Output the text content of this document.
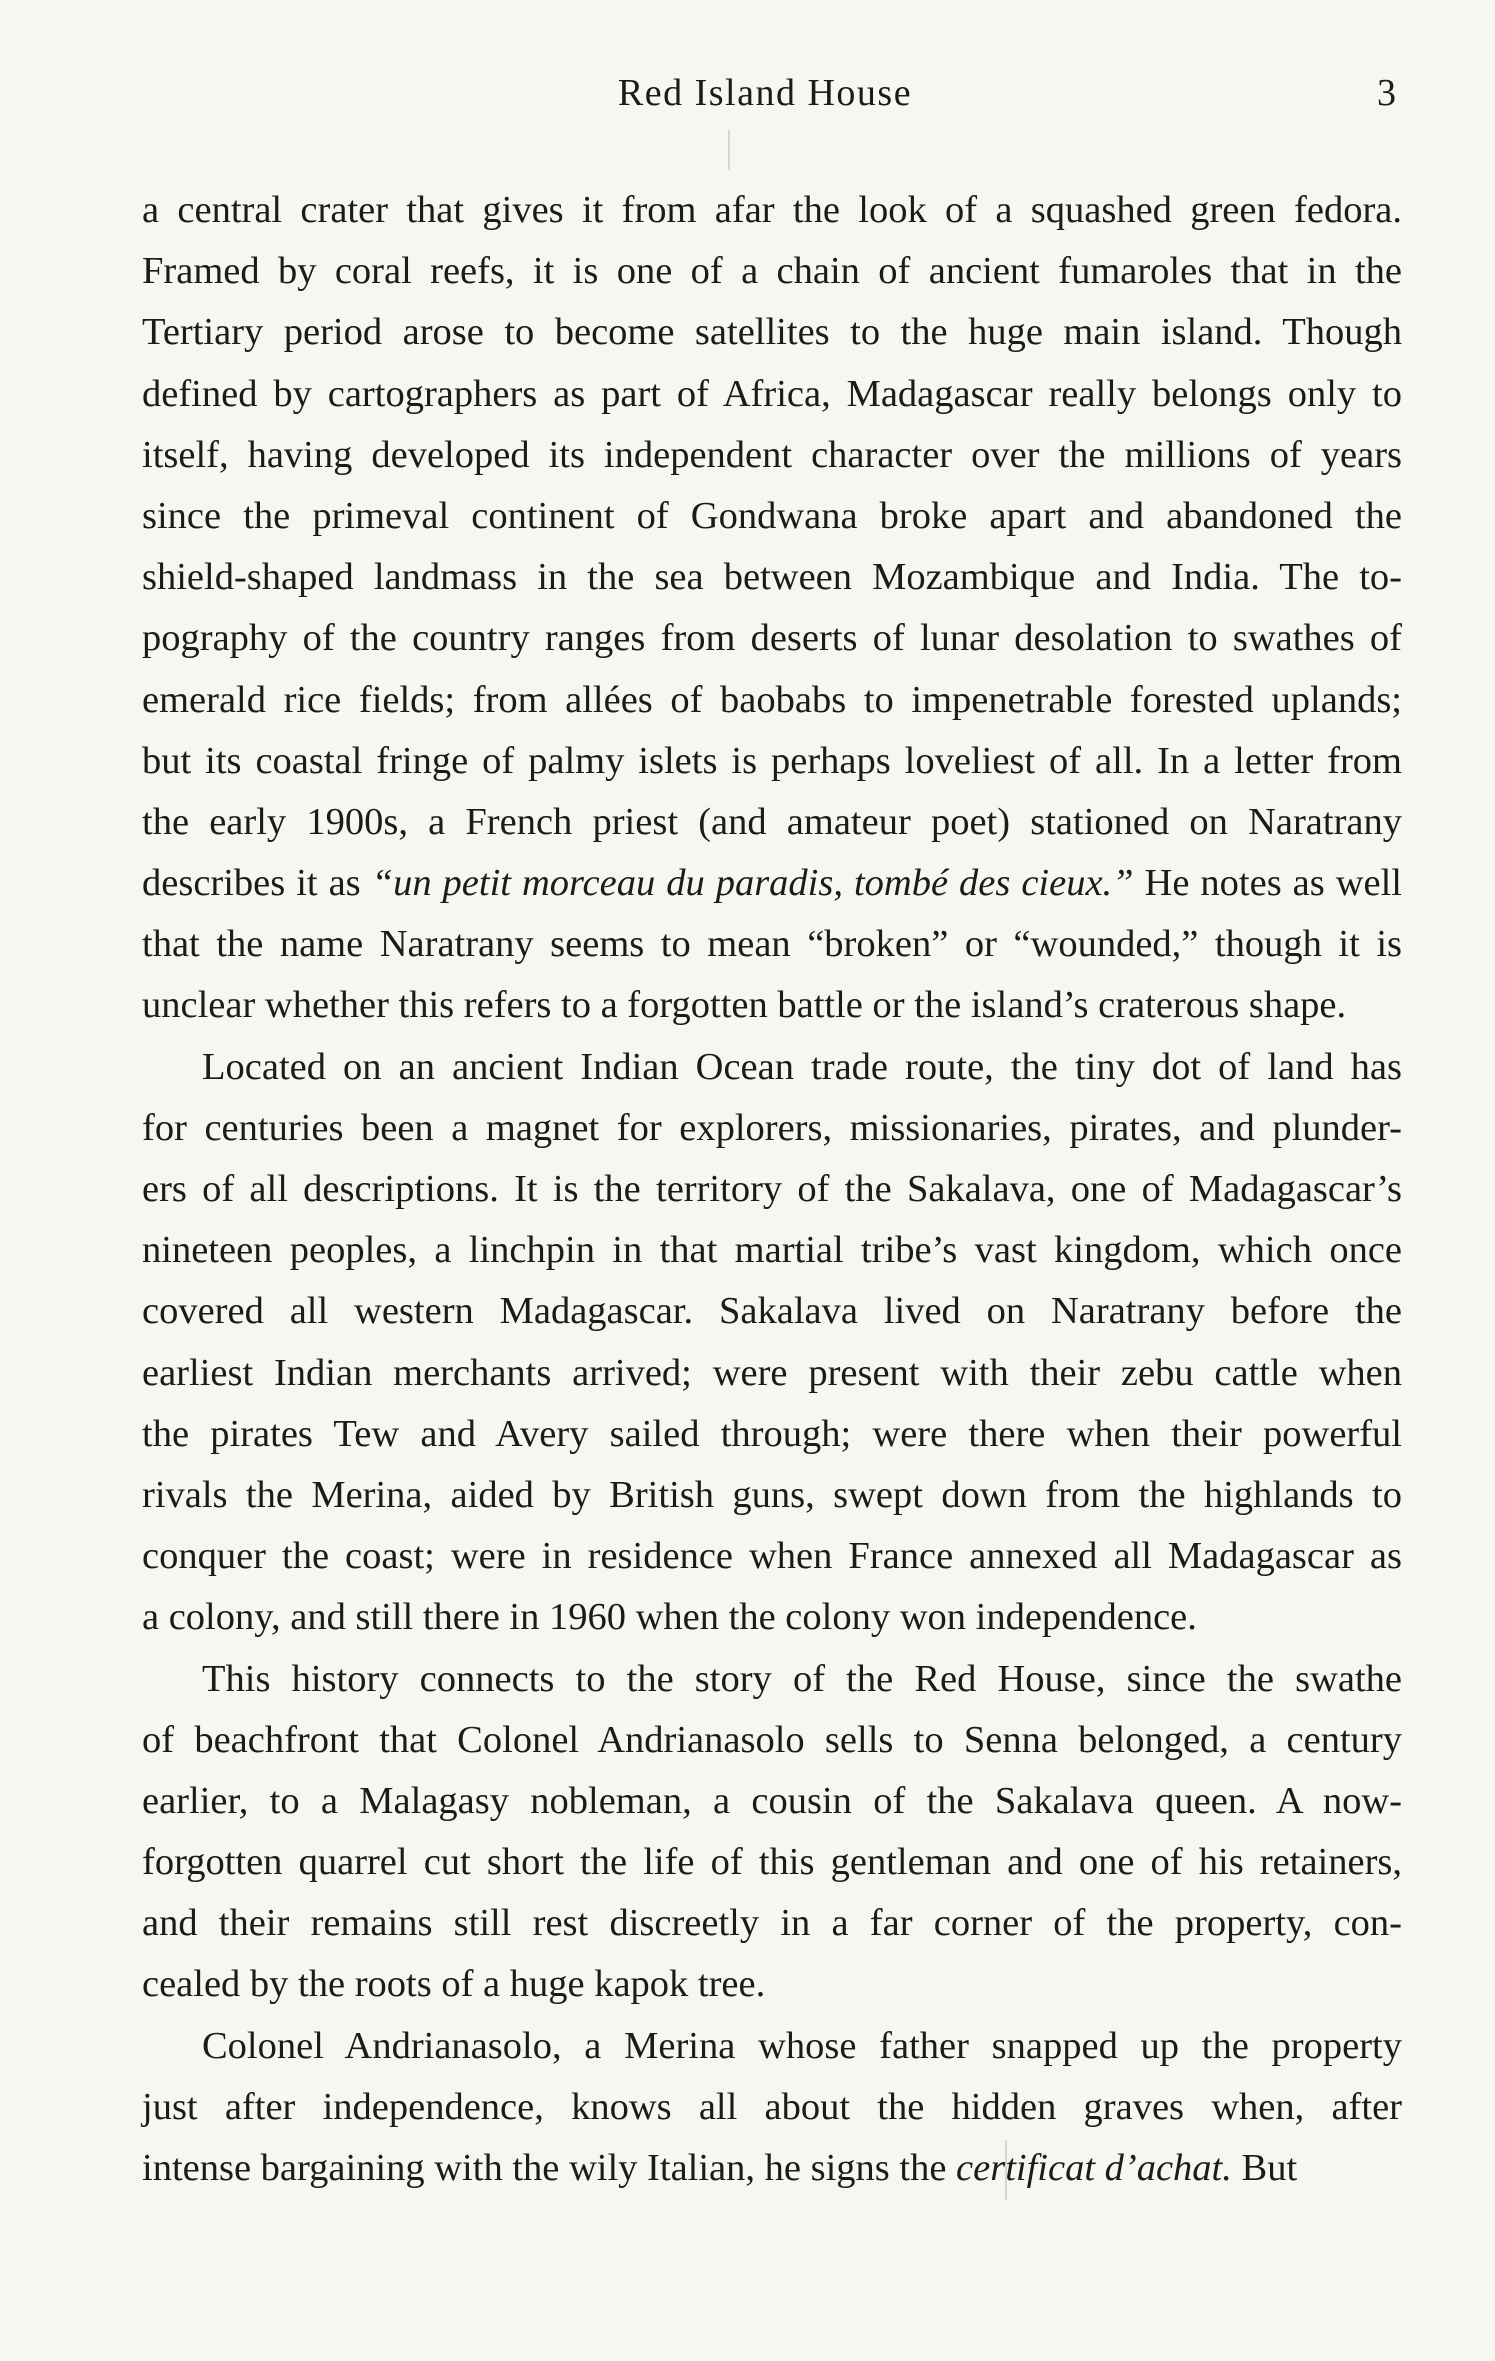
Red Island House	3
a central crater that gives it from afar the look of a squashed green fedora.
Framed by coral reefs, it is one of a chain of ancient fumaroles that in the
Tertiary period arose to become satellites to the huge main island. Though
defined by cartographers as part of Africa, Madagascar really belongs only to
itself, having developed its independent character over the millions of years
since the primeval continent of Gondwana broke apart and abandoned the
shield-shaped landmass in the sea between Mozambique and India. The to-
pography of the country ranges from deserts of lunar desolation to swathes of
emerald rice fields; from allées of baobabs to impenetrable forested uplands;
but its coastal fringe of palmy islets is perhaps loveliest of all. In a letter from
the early 1900s, a French priest (and amateur poet) stationed on Naratrany
describes it as “un petit morceau du paradis, tombé des cieux.” He notes as well
that the name Naratrany seems to mean “broken” or “wounded,” though it is
unclear whether this refers to a forgotten battle or the island’s craterous shape.
Located on an ancient Indian Ocean trade route, the tiny dot of land has
for centuries been a magnet for explorers, missionaries, pirates, and plunder-
ers of all descriptions. It is the territory of the Sakalava, one of Madagascar’s
nineteen peoples, a linchpin in that martial tribe’s vast kingdom, which once
covered all western Madagascar. Sakalava lived on Naratrany before the
earliest Indian merchants arrived; were present with their zebu cattle when
the pirates Tew and Avery sailed through; were there when their powerful
rivals the Merina, aided by British guns, swept down from the highlands to
conquer the coast; were in residence when France annexed all Madagascar as
a colony, and still there in 1960 when the colony won independence.
This history connects to the story of the Red House, since the swathe
of beachfront that Colonel Andrianasolo sells to Senna belonged, a century
earlier, to a Malagasy nobleman, a cousin of the Sakalava queen. A now-
forgotten quarrel cut short the life of this gentleman and one of his retainers,
and their remains still rest discreetly in a far corner of the property, con-
cealed by the roots of a huge kapok tree.
Colonel Andrianasolo, a Merina whose father snapped up the property
just after independence, knows all about the hidden graves when, after
intense bargaining with the wily Italian, he signs the certificat d’achat. But
